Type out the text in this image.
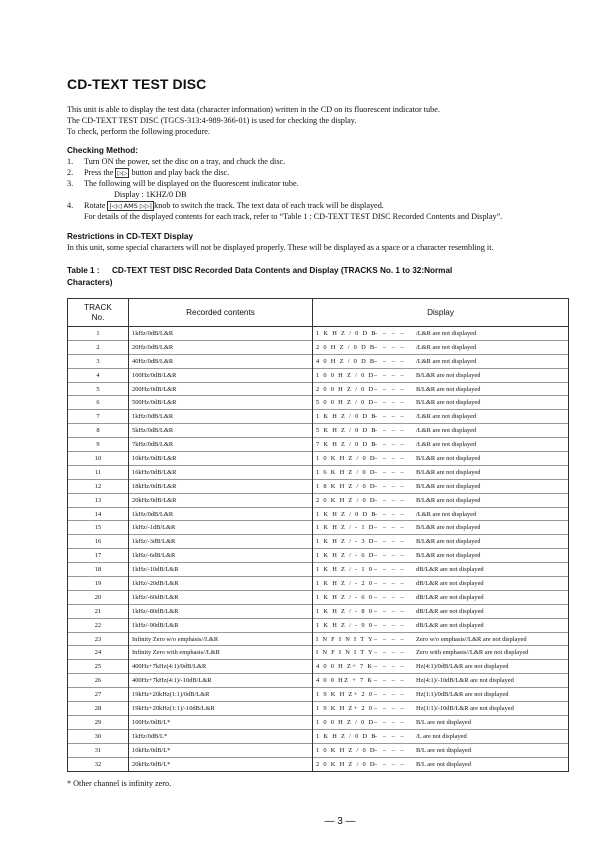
CD-TEXT TEST DISC
This unit is able to display the test data (character information) written in the CD on its fluorescent indicator tube.
The CD-TEXT TEST DISC (TGCS-313:4-989-366-01) is used for checking the display.
To check, perform the following procedure.
Checking Method:
1. Turn ON the power, set the disc on a tray, and chuck the disc.
2. Press the ▷▷ button and play back the disc.
3. The following will be displayed on the fluorescent indicator tube.
Display : 1KHZ/0 DB
4. Rotate |◁◁ AMS ▷▷| knob to switch the track. The text data of each track will be displayed.
For details of the displayed contents for each track, refer to “Table 1 : CD-TEXT TEST DISC Recorded Contents and Display”.
Restrictions in CD-TEXT Display
In this unit, some special characters will not be displayed properly. These will be displayed as a space or a character resembling it.
Table 1 : CD-TEXT TEST DISC Recorded Data Contents and Display (TRACKS No. 1 to 32:Normal
Characters)
TRACK
No.	Recorded contents	Display
1	1kHz/0dB/L&R	1 K H Z / 0 D B– – – – /L&R are not displayed
2	20Hz/0dB/L&R	2 0 H Z / 0 D B– – – – /L&R are not displayed
3	40Hz/0dB/L&R	4 0 H Z / 0 D B– – – – /L&R are not displayed
4	100Hz/0dB/L&R	1 0 0 H Z / 0 D– – – – B/L&R are not displayed
5	200Hz/0dB/L&R	2 0 0 H Z / 0 D– – – – B/L&R are not displayed
6	500Hz/0dB/L&R	5 0 0 H Z / 0 D– – – – B/L&R are not displayed
7	1kHz/0dB/L&R	1 K H Z / 0 D B– – – – /L&R are not displayed
8	5kHz/0dB/L&R	5 K H Z / 0 D B– – – – /L&R are not displayed
9	7kHz/0dB/L&R	7 K H Z / 0 D B– – – – /L&R are not displayed
10	10kHz/0dB/L&R	1 0 K H Z / 0 D– – – – B/L&R are not displayed
11	16kHz/0dB/L&R	1 6 K H Z / 0 D– – – – B/L&R are not displayed
12	18kHz/0dB/L&R	1 8 K H Z / 0 D– – – – B/L&R are not displayed
13	20kHz/0dB/L&R	2 0 K H Z / 0 D– – – – B/L&R are not displayed
14	1kHz/0dB/L&R	1 K H Z / 0 D B– – – – /L&R are not displayed
15	1kHz/-1dB/L&R	1 K H Z / - 1 D– – – – B/L&R are not displayed
16	1kHz/-3dB/L&R	1 K H Z / - 3 D– – – – B/L&R are not displayed
17	1kHz/-6dB/L&R	1 K H Z / - 6 D– – – – B/L&R are not displayed
18	1kHz/-10dB/L&R	1 K H Z / - 1 0– – – – dB/L&R are not displayed
19	1kHz/-20dB/L&R	1 K H Z / - 2 0– – – – dB/L&R are not displayed
20	1kHz/-60dB/L&R	1 K H Z / - 6 0– – – – dB/L&R are not displayed
21	1kHz/-80dB/L&R	1 K H Z / - 8 0– – – – dB/L&R are not displayed
22	1kHz/-90dB/L&R	1 K H Z / - 9 0– – – – dB/L&R are not displayed
23	Infinity Zero w/o emphasis//L&R	I N F I N I T Y– – – – Zero w/o emphasis//L&R are not displayed
24	Infinity Zero with emphasis//L&R	I N F I N I T Y– – – – Zero with emphasis//L&R are not displayed
25	400Hz+7kHz(4:1)/0dB/L&R	4 0 0 H Z+ 7 K– – – – Hz(4:1)/0dB/L&R are not displayed
26	400Hz+7kHz(4:1)/-10dB/L&R	4 0 0 HZ + 7 K– – – – Hz(4:1)/-10dB/L&R are not displayed
27	19kHz+20kHz(1:1)/0dB/L&R	1 9 K H Z+ 2 0– – – – Hz(1:1)/0dB/L&R are not displayed
28	19kHz+20kHz(1:1)/-10dB/L&R	1 9 K H Z+ 2 0– – – – Hz(1:1)/-10dB/L&R are not displayed
29	100Hz/0dB/L*	1 0 0 H Z / 0 D– – – – B/L are not displayed
30	1kHz/0dB/L*	1 K H Z / 0 D B– – – – /L are not displayed
31	10kHz/0dB/L*	1 0 K H Z / 0 D– – – – B/L are not displayed
32	20kHz/0dB/L*	2 0 K H Z / 0 D– – – – B/L are not displayed
* Other channel is infinity zero.
— 3 —
